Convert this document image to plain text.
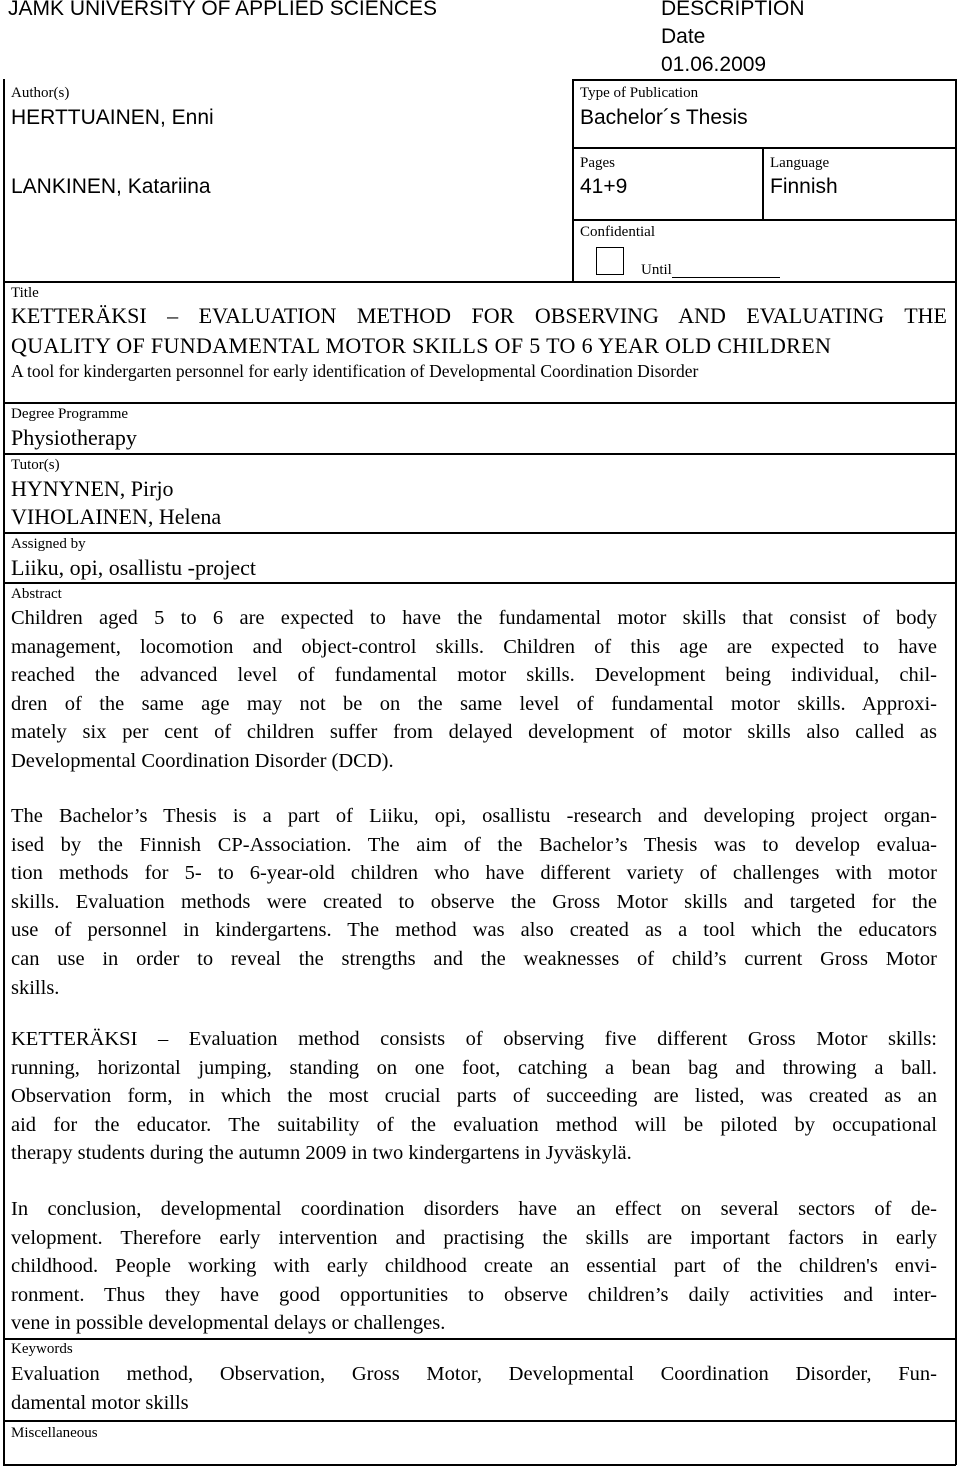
JAMK UNIVERSITY OF APPLIED SCIENCES	DESCRIPTION
Date
01.06.2009
Author(s)
HERTTUAINEN, Enni
LANKINEN, Katariina
Type of Publication
Bachelor´s Thesis
Pages
41+9
Language
Finnish
Confidential
Until
Title
KETTERÄKSI – EVALUATION METHOD FOR OBSERVING AND EVALUATING THE
QUALITY OF FUNDAMENTAL MOTOR SKILLS OF 5 TO 6 YEAR OLD CHILDREN
A tool for kindergarten personnel for early identification of Developmental Coordination Disorder
Degree Programme
Physiotherapy
Tutor(s)
HYNYNEN, Pirjo
VIHOLAINEN, Helena
Assigned by
Liiku, opi, osallistu -project
Abstract
Children aged 5 to 6 are expected to have the fundamental motor skills that consist of body
management, locomotion and object-control skills. Children of this age are expected to have
reached the advanced level of fundamental motor skills. Development being individual, chil-
dren of the same age may not be on the same level of fundamental motor skills. Approxi-
mately six per cent of children suffer from delayed development of motor skills also called as
Developmental Coordination Disorder (DCD).
The Bachelor’s Thesis is a part of Liiku, opi, osallistu -research and developing project organ-
ised by the Finnish CP-Association. The aim of the Bachelor’s Thesis was to develop evalua-
tion methods for 5- to 6-year-old children who have different variety of challenges with motor
skills. Evaluation methods were created to observe the Gross Motor skills and targeted for the
use of personnel in kindergartens. The method was also created as a tool which the educators
can use in order to reveal the strengths and the weaknesses of child’s current Gross Motor
skills.
KETTERÄKSI – Evaluation method consists of observing five different Gross Motor skills:
running, horizontal jumping, standing on one foot, catching a bean bag and throwing a ball.
Observation form, in which the most crucial parts of succeeding are listed, was created as an
aid for the educator. The suitability of the evaluation method will be piloted by occupational
therapy students during the autumn 2009 in two kindergartens in Jyväskylä.
In conclusion, developmental coordination disorders have an effect on several sectors of de-
velopment. Therefore early intervention and practising the skills are important factors in early
childhood. People working with early childhood create an essential part of the children's envi-
ronment. Thus they have good opportunities to observe children’s daily activities and inter-
vene in possible developmental delays or challenges.
Keywords
Evaluation method, Observation, Gross Motor, Developmental Coordination Disorder, Fun-
damental motor skills
Miscellaneous
